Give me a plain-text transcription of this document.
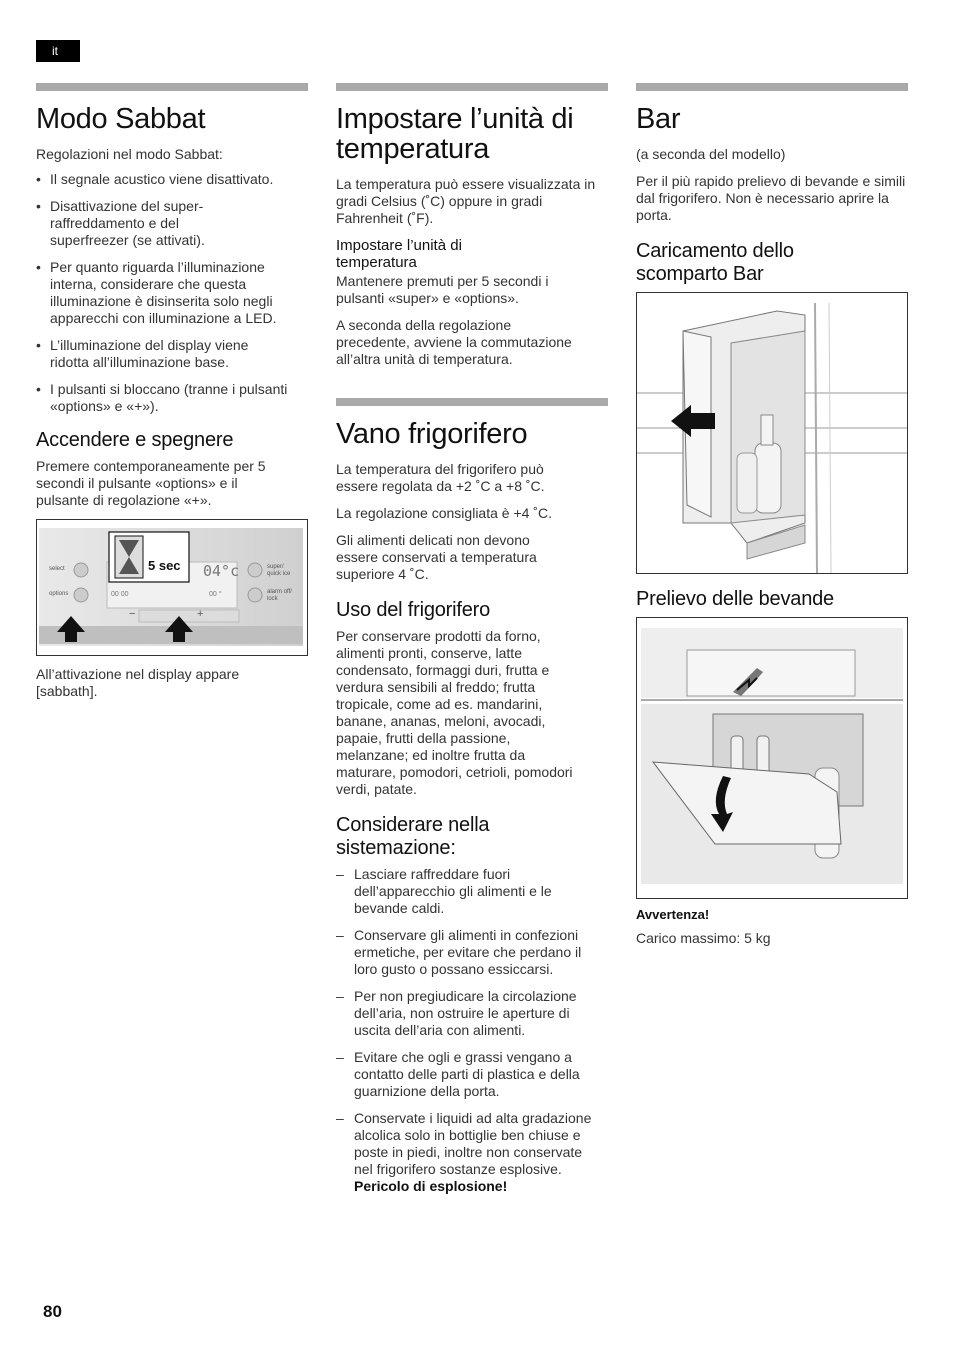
it
Modo Sabbat

Regolazioni nel modo Sabbat:

• Il segnale acustico viene disattivato.
• Disattivazione del super-raffreddamento e del superfreezer (se attivati).
• Per quanto riguarda l’illuminazione interna, considerare che questa illuminazione è disinserita solo negli apparecchi con illuminazione a LED.
• L’illuminazione del display viene ridotta all’illuminazione base.
• I pulsanti si bloccano (tranne i pulsanti «options» e «+»).
Accendere e spegnere

Premere contemporaneamente per 5 secondi il pulsante «options» e il pulsante di regolazione «+».

5 sec 04°c
select
options
super/ quick ice
alarm off/ lock
−	+
00 00	00 °

All’attivazione nel display appare [sabbath].

Impostare l’unità di temperatura

La temperatura può essere visualizzata in gradi Celsius (˚C) oppure in gradi Fahrenheit (˚F).

Impostare l’unità di temperatura

Mantenere premuti per 5 secondi i pulsanti «super» e «options».

A seconda della regolazione precedente, avviene la commutazione all’altra unità di temperatura.

Vano frigorifero

La temperatura del frigorifero può essere regolata da +2 ˚C a +8 ˚C.

La regolazione consigliata è +4 ˚C.

Gli alimenti delicati non devono essere conservati a temperatura superiore 4 ˚C.

Uso del frigorifero

Per conservare prodotti da forno, alimenti pronti, conserve, latte condensato, formaggi duri, frutta e verdura sensibili al freddo; frutta tropicale, come ad es. mandarini, banane, ananas, meloni, avocadi, papaie, frutti della passione, melanzane; ed inoltre frutta da maturare, pomodori, cetrioli, pomodori verdi, patate.

Considerare nella sistemazione:
– Lasciare raffreddare fuori dell’apparecchio gli alimenti e le bevande caldi.
– Conservare gli alimenti in confezioni ermetiche, per evitare che perdano il loro gusto o possano essiccarsi.
– Per non pregiudicare la circolazione dell’aria, non ostruire le aperture di uscita dell’aria con alimenti.
– Evitare che ogli e grassi vengano a contatto delle parti di plastica e della guarnizione della porta.
– Conservate i liquidi ad alta gradazione alcolica solo in bottiglie ben chiuse e poste in piedi, inoltre non conservate nel frigorifero sostanze esplosive.
Pericolo di esplosione!
Bar

(a seconda del modello)

Per il più rapido prelievo di bevande e simili dal frigorifero. Non è necessario aprire la porta.

Caricamento dello scomparto Bar
Prelievo delle bevande
Avvertenza!

Carico massimo: 5 kg

80
